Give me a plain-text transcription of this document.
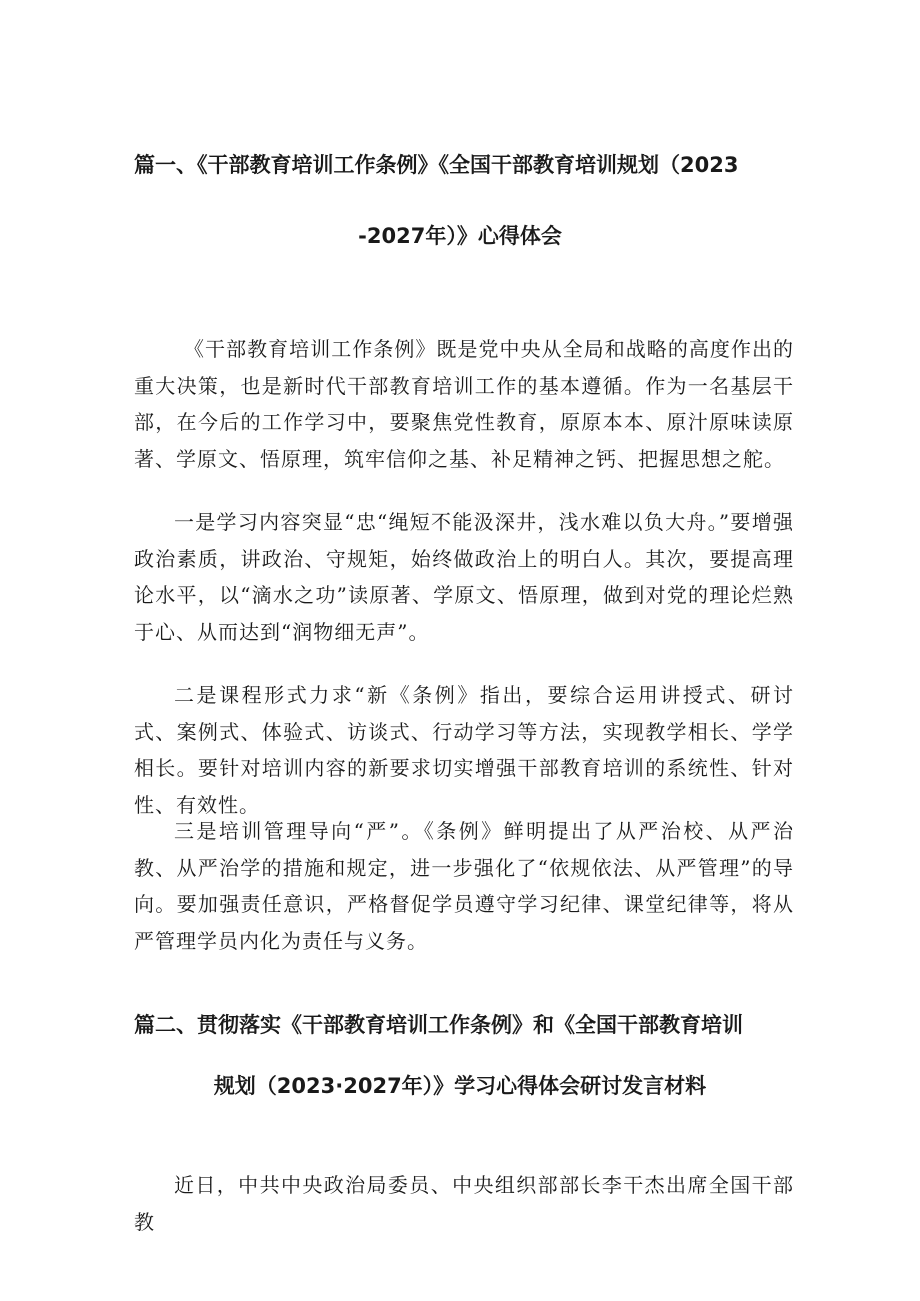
篇一、《干部教育培训工作条例》《全国干部教育培训规划（2023
-2027年）》心得体会
《干部教育培训工作条例》既是党中央从全局和战略的高度作出的重大决策，也是新时代干部教育培训工作的基本遵循。作为一名基层干部，在今后的工作学习中，要聚焦党性教育，原原本本、原汁原味读原著、学原文、悟原理，筑牢信仰之基、补足精神之钙、把握思想之舵。
一是学习内容突显“忠“绳短不能汲深井，浅水难以负大舟。”要增强政治素质，讲政治、守规矩，始终做政治上的明白人。其次，要提高理论水平，以“滴水之功”读原著、学原文、悟原理，做到对党的理论烂熟于心、从而达到“润物细无声”。
二是课程形式力求“新《条例》指出，要综合运用讲授式、研讨式、案例式、体验式、访谈式、行动学习等方法，实现教学相长、学学相长。要针对培训内容的新要求切实增强干部教育培训的系统性、针对性、有效性。
三是培训管理导向“严”。《条例》鲜明提出了从严治校、从严治教、从严治学的措施和规定，进一步强化了“依规依法、从严管理”的导向。要加强责任意识，严格督促学员遵守学习纪律、课堂纪律等，将从严管理学员内化为责任与义务。
篇二、贯彻落实《干部教育培训工作条例》和《全国干部教育培训
规划（2023·2027年）》学习心得体会研讨发言材料
近日，中共中央政治局委员、中央组织部部长李干杰出席全国干部教
